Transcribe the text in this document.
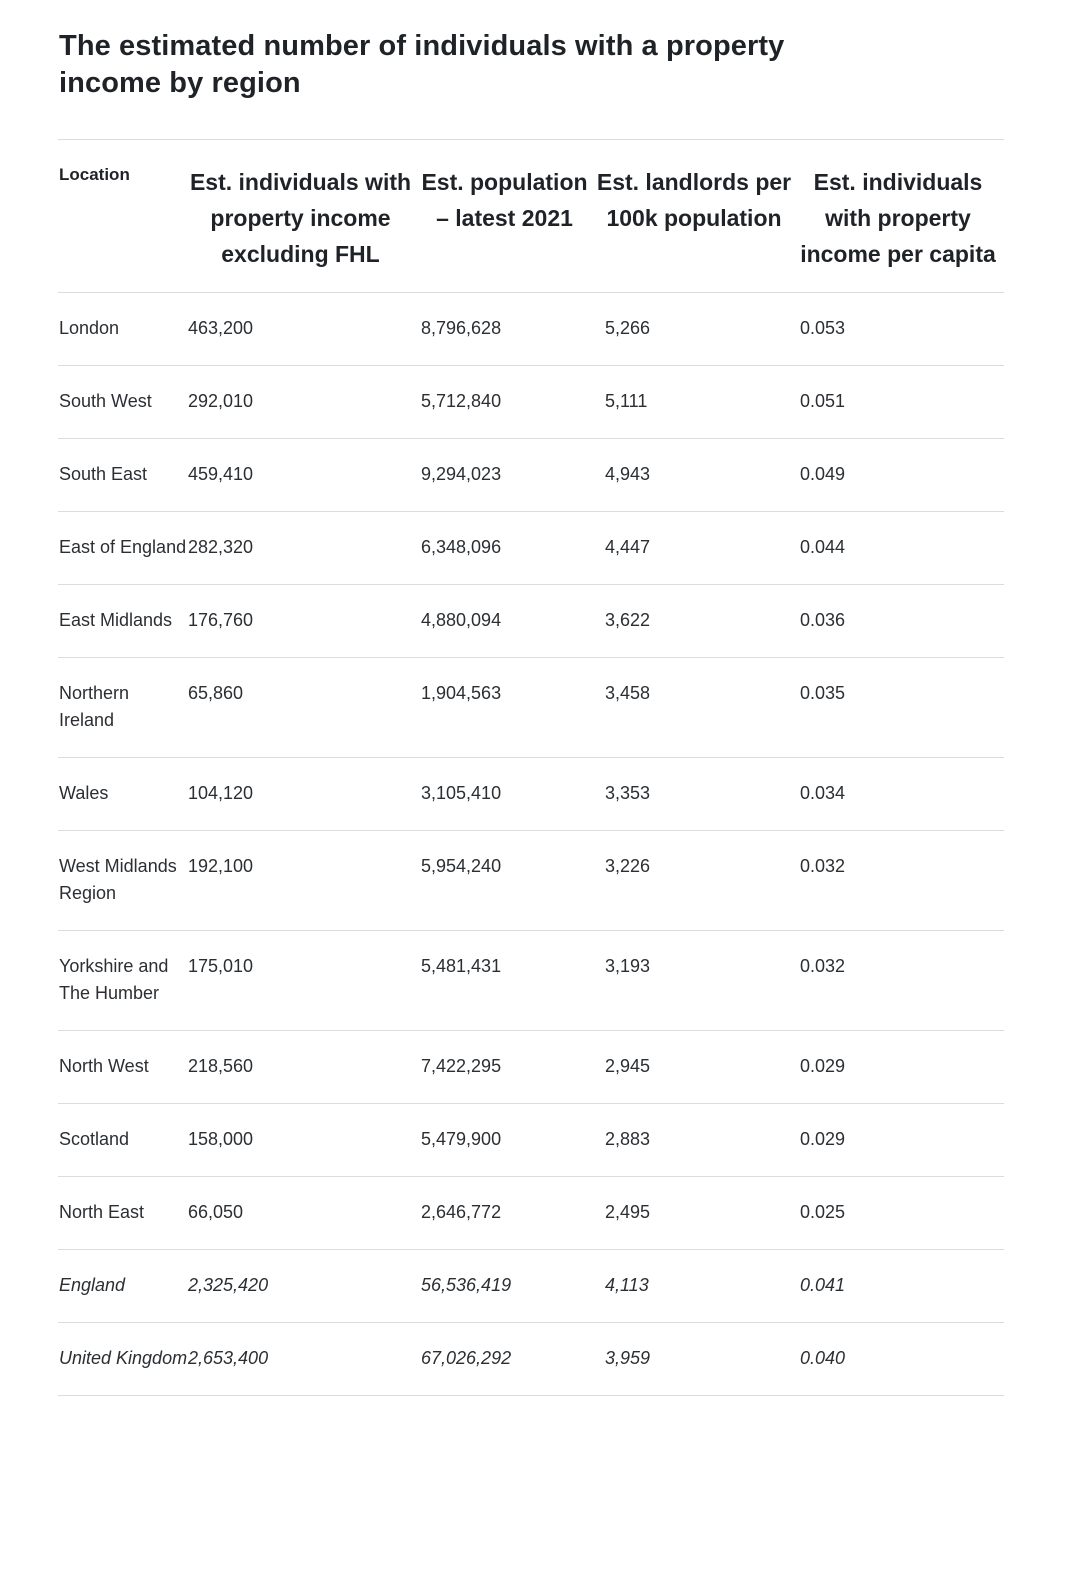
The estimated number of individuals with a property income by region
Location	Est. individuals with property income excluding FHL	Est. population – latest 2021	Est. landlords per 100k population	Est. individuals with property income per capita
London	463,200	8,796,628	5,266	0.053
South West	292,010	5,712,840	5,111	0.051
South East	459,410	9,294,023	4,943	0.049
East of England	282,320	6,348,096	4,447	0.044
East Midlands	176,760	4,880,094	3,622	0.036
Northern Ireland	65,860	1,904,563	3,458	0.035
Wales	104,120	3,105,410	3,353	0.034
West Midlands Region	192,100	5,954,240	3,226	0.032
Yorkshire and The Humber	175,010	5,481,431	3,193	0.032
North West	218,560	7,422,295	2,945	0.029
Scotland	158,000	5,479,900	2,883	0.029
North East	66,050	2,646,772	2,495	0.025
England	2,325,420	56,536,419	4,113	0.041
United Kingdom	2,653,400	67,026,292	3,959	0.040
